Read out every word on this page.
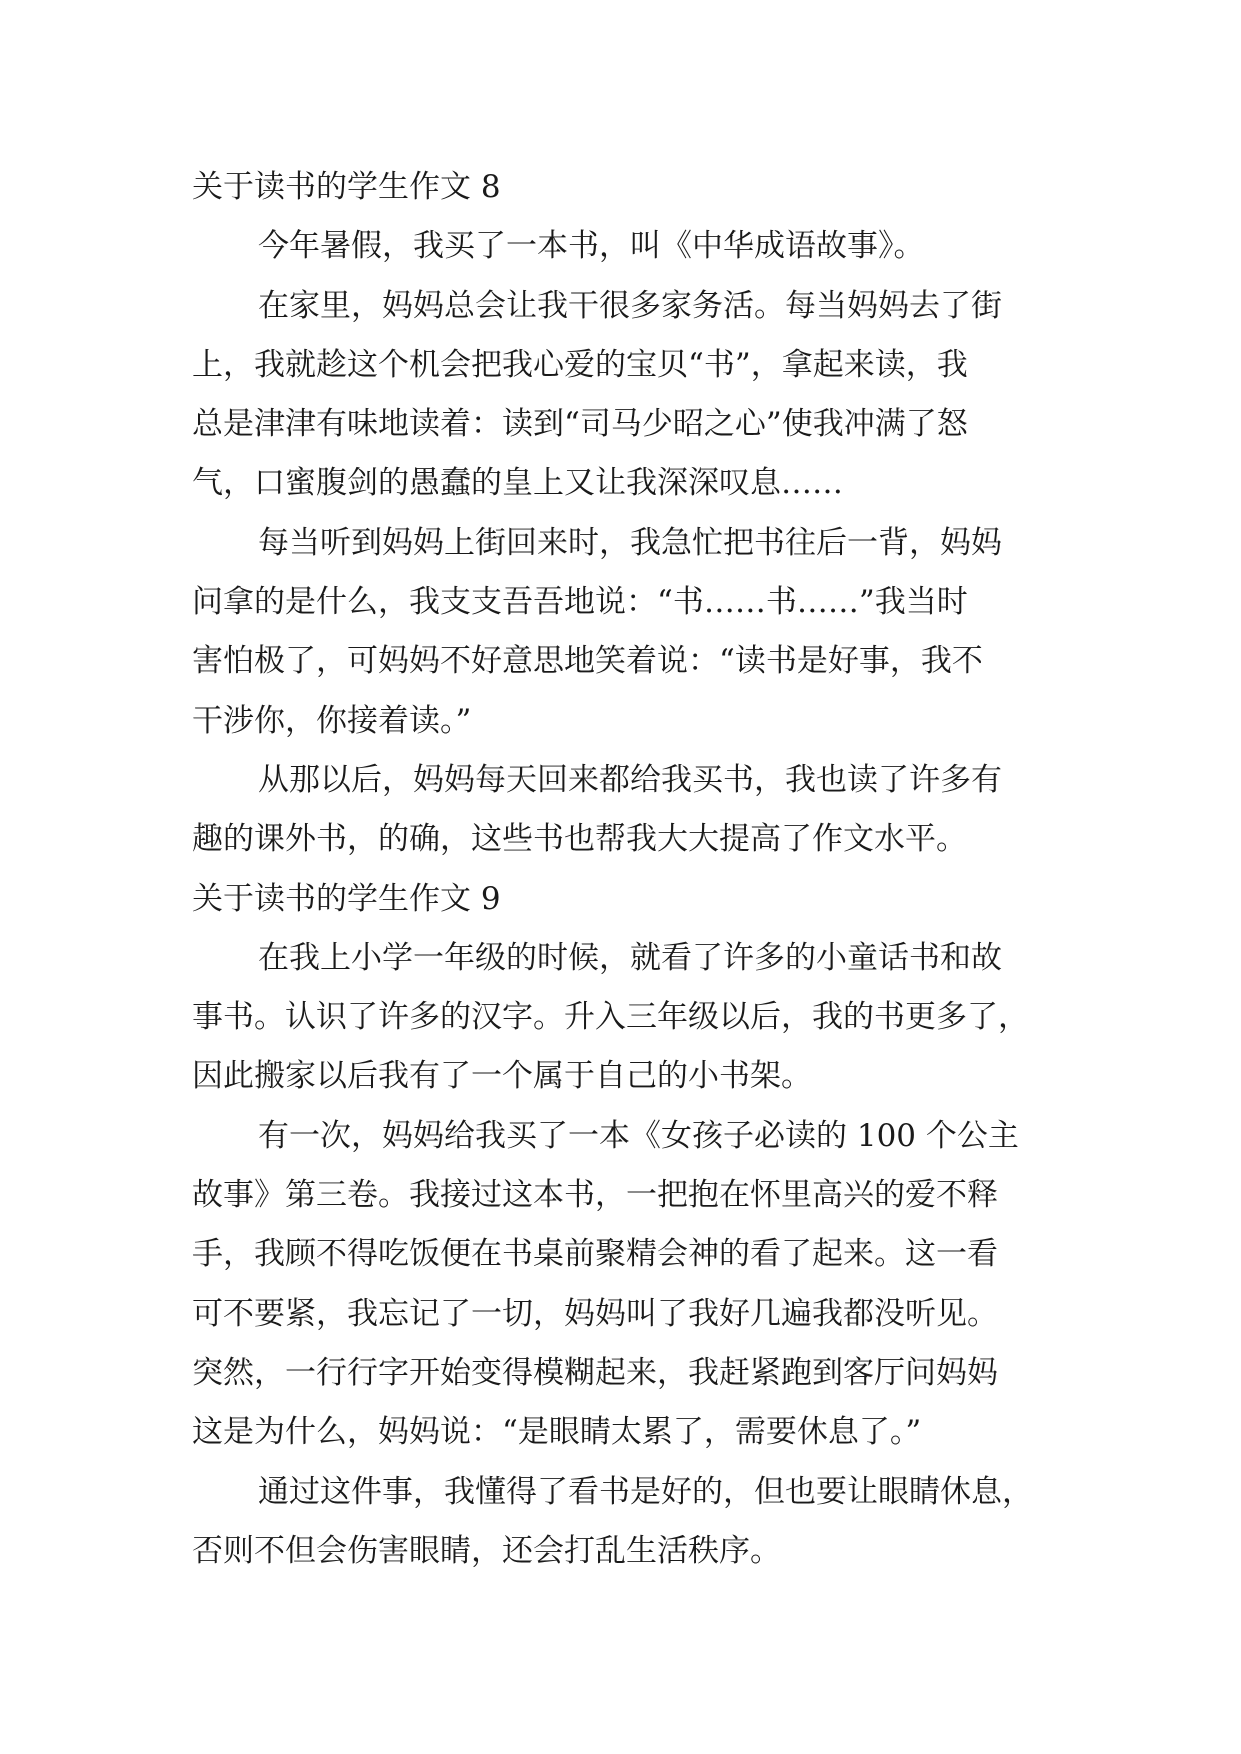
关于读书的学生作文 8
今年暑假，我买了一本书，叫《中华成语故事》。
在家里，妈妈总会让我干很多家务活。每当妈妈去了街
上，我就趁这个机会把我心爱的宝贝“书”，拿起来读，我
总是津津有味地读着：读到“司马少昭之心”使我冲满了怒
气，口蜜腹剑的愚蠢的皇上又让我深深叹息……
每当听到妈妈上街回来时，我急忙把书往后一背，妈妈
问拿的是什么，我支支吾吾地说：“书……书……”我当时
害怕极了，可妈妈不好意思地笑着说：“读书是好事，我不
干涉你，你接着读。”
从那以后，妈妈每天回来都给我买书，我也读了许多有
趣的课外书，的确，这些书也帮我大大提高了作文水平。
关于读书的学生作文 9
在我上小学一年级的时候，就看了许多的小童话书和故
事书。认识了许多的汉字。升入三年级以后，我的书更多了，
因此搬家以后我有了一个属于自己的小书架。
有一次，妈妈给我买了一本《女孩子必读的 100 个公主
故事》第三卷。我接过这本书，一把抱在怀里高兴的爱不释
手，我顾不得吃饭便在书桌前聚精会神的看了起来。这一看
可不要紧，我忘记了一切，妈妈叫了我好几遍我都没听见。
突然，一行行字开始变得模糊起来，我赶紧跑到客厅问妈妈
这是为什么，妈妈说：“是眼睛太累了，需要休息了。”
通过这件事，我懂得了看书是好的，但也要让眼睛休息，
否则不但会伤害眼睛，还会打乱生活秩序。
